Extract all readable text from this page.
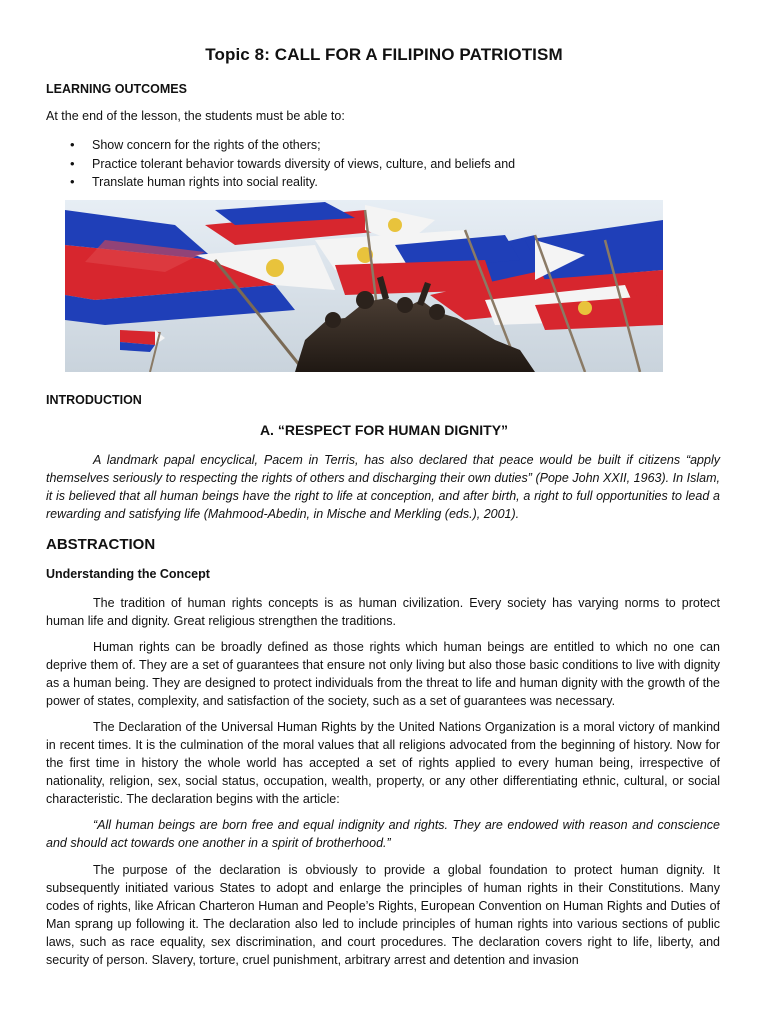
Topic 8: CALL FOR A FILIPINO PATRIOTISM
LEARNING OUTCOMES
At the end of the lesson, the students must be able to:
• Show concern for the rights of the others;
• Practice tolerant behavior towards diversity of views, culture, and beliefs and
• Translate human rights into social reality.
INTRODUCTION
A. “RESPECT FOR HUMAN DIGNITY”

A landmark papal encyclical, Pacem in Terris, has also declared that peace would be built if citizens “apply themselves seriously to respecting the rights of others and discharging their own duties” (Pope John XXII, 1963). In Islam, it is believed that all human beings have the right to life at conception, and after birth, a right to full opportunities to lead a rewarding and satisfying life (Mahmood-Abedin, in Mische and Merkling (eds.), 2001).

ABSTRACTION
Understanding the Concept

The tradition of human rights concepts is as human civilization. Every society has varying norms to protect human life and dignity. Great religious strengthen the traditions.

Human rights can be broadly defined as those rights which human beings are entitled to which no one can deprive them of. They are a set of guarantees that ensure not only living but also those basic conditions to live with dignity as a human being. They are designed to protect individuals from the threat to life and human dignity with the growth of the power of states, complexity, and satisfaction of the society, such as a set of guarantees was necessary.

The Declaration of the Universal Human Rights by the United Nations Organization is a moral victory of mankind in recent times. It is the culmination of the moral values that all religions advocated from the beginning of history. Now for the first time in history the whole world has accepted a set of rights applied to every human being, irrespective of nationality, religion, sex, social status, occupation, wealth, property, or any other differentiating ethnic, cultural, or social characteristic. The declaration begins with the article:

“All human beings are born free and equal indignity and rights. They are endowed with reason and conscience and should act towards one another in a spirit of brotherhood.”

The purpose of the declaration is obviously to provide a global foundation to protect human dignity. It subsequently initiated various States to adopt and enlarge the principles of human rights in their Constitutions. Many codes of rights, like African Charteron Human and People’s Rights, European Convention on Human Rights and Duties of Man sprang up following it. The declaration also led to include principles of human rights into various sections of public laws, such as race equality, sex discrimination, and court procedures. The declaration covers right to life, liberty, and security of person. Slavery, torture, cruel punishment, arbitrary arrest and detention and invasion
